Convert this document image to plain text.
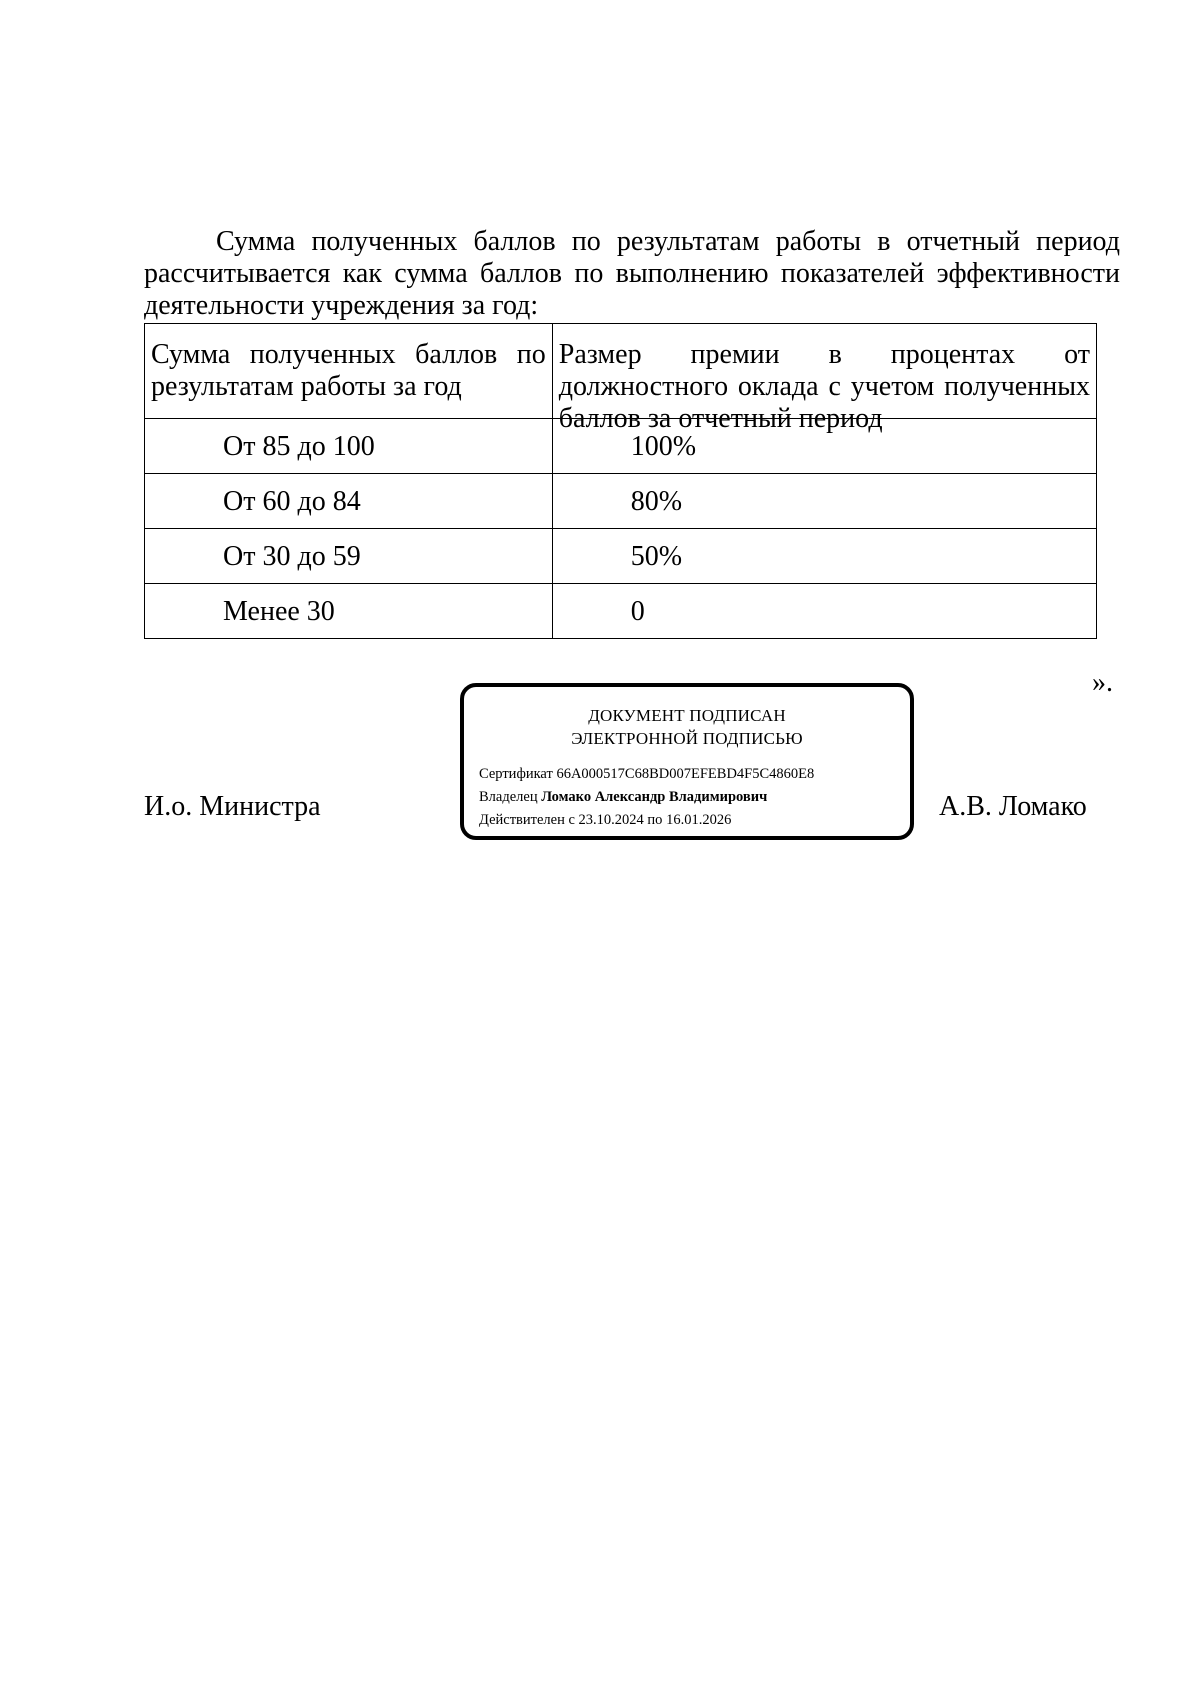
Сумма полученных баллов по результатам работы в отчетный период рассчитывается как сумма баллов по выполнению показателей эффективности деятельности учреждения за год:

Сумма полученных баллов по результатам работы за год	Размер премии в процентах от должностного оклада с учетом полученных баллов за отчетный период

От 85 до 100	100%

От 60 до 84	80%

От 30 до 59	50%

Менее 30	0
».
И.о. Министра
ДОКУМЕНТ ПОДПИСАН
ЭЛЕКТРОННОЙ ПОДПИСЬЮ
Сертификат 66A000517C68BD007EFEBD4F5C4860E8
Владелец Ломако Александр Владимирович
Действителен с 23.10.2024 по 16.01.2026	А.В. Ломако
